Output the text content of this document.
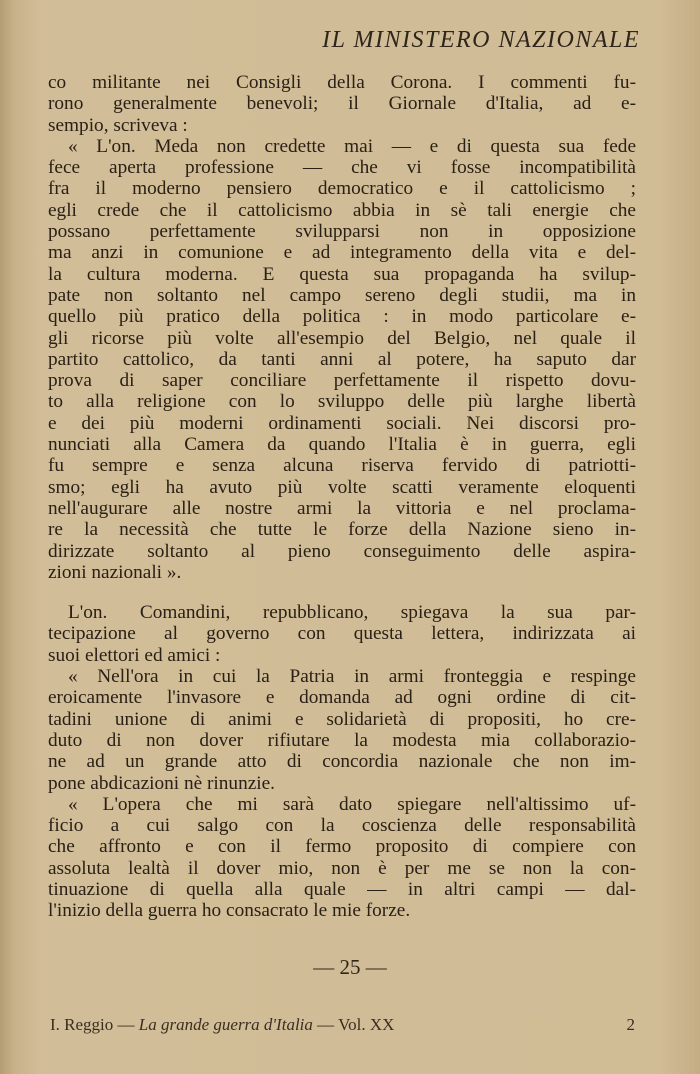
IL MINISTERO NAZIONALE
co militante nei Consigli della Corona. I commenti fu-
rono generalmente benevoli; il Giornale d'Italia, ad e-
sempio, scriveva :
« L'on. Meda non credette mai — e di questa sua fede
fece aperta professione — che vi fosse incompatibilità
fra il moderno pensiero democratico e il cattolicismo ;
egli crede che il cattolicismo abbia in sè tali energie che
possano perfettamente svilupparsi non in opposizione
ma anzi in comunione e ad integramento della vita e del-
la cultura moderna. E questa sua propaganda ha svilup-
pate non soltanto nel campo sereno degli studii, ma in
quello più pratico della politica : in modo particolare e-
gli ricorse più volte all'esempio del Belgio, nel quale il
partito cattolico, da tanti anni al potere, ha saputo dar
prova di saper conciliare perfettamente il rispetto dovu-
to alla religione con lo sviluppo delle più larghe libertà
e dei più moderni ordinamenti sociali. Nei discorsi pro-
nunciati alla Camera da quando l'Italia è in guerra, egli
fu sempre e senza alcuna riserva fervido di patriotti-
smo; egli ha avuto più volte scatti veramente eloquenti
nell'augurare alle nostre armi la vittoria e nel proclama-
re la necessità che tutte le forze della Nazione sieno in-
dirizzate soltanto al pieno conseguimento delle aspira-
zioni nazionali ».
L'on. Comandini, repubblicano, spiegava la sua par-
tecipazione al governo con questa lettera, indirizzata ai
suoi elettori ed amici :
« Nell'ora in cui la Patria in armi fronteggia e respinge
eroicamente l'invasore e domanda ad ogni ordine di cit-
tadini unione di animi e solidarietà di propositi, ho cre-
duto di non dover rifiutare la modesta mia collaborazio-
ne ad un grande atto di concordia nazionale che non im-
pone abdicazioni nè rinunzie.
« L'opera che mi sarà dato spiegare nell'altissimo uf-
ficio a cui salgo con la coscienza delle responsabilità
che affronto e con il fermo proposito di compiere con
assoluta lealtà il dover mio, non è per me se non la con-
tinuazione di quella alla quale — in altri campi — dal-
l'inizio della guerra ho consacrato le mie forze.
— 25 —
I. Reggio — La grande guerra d'Italia — Vol. XX	2
